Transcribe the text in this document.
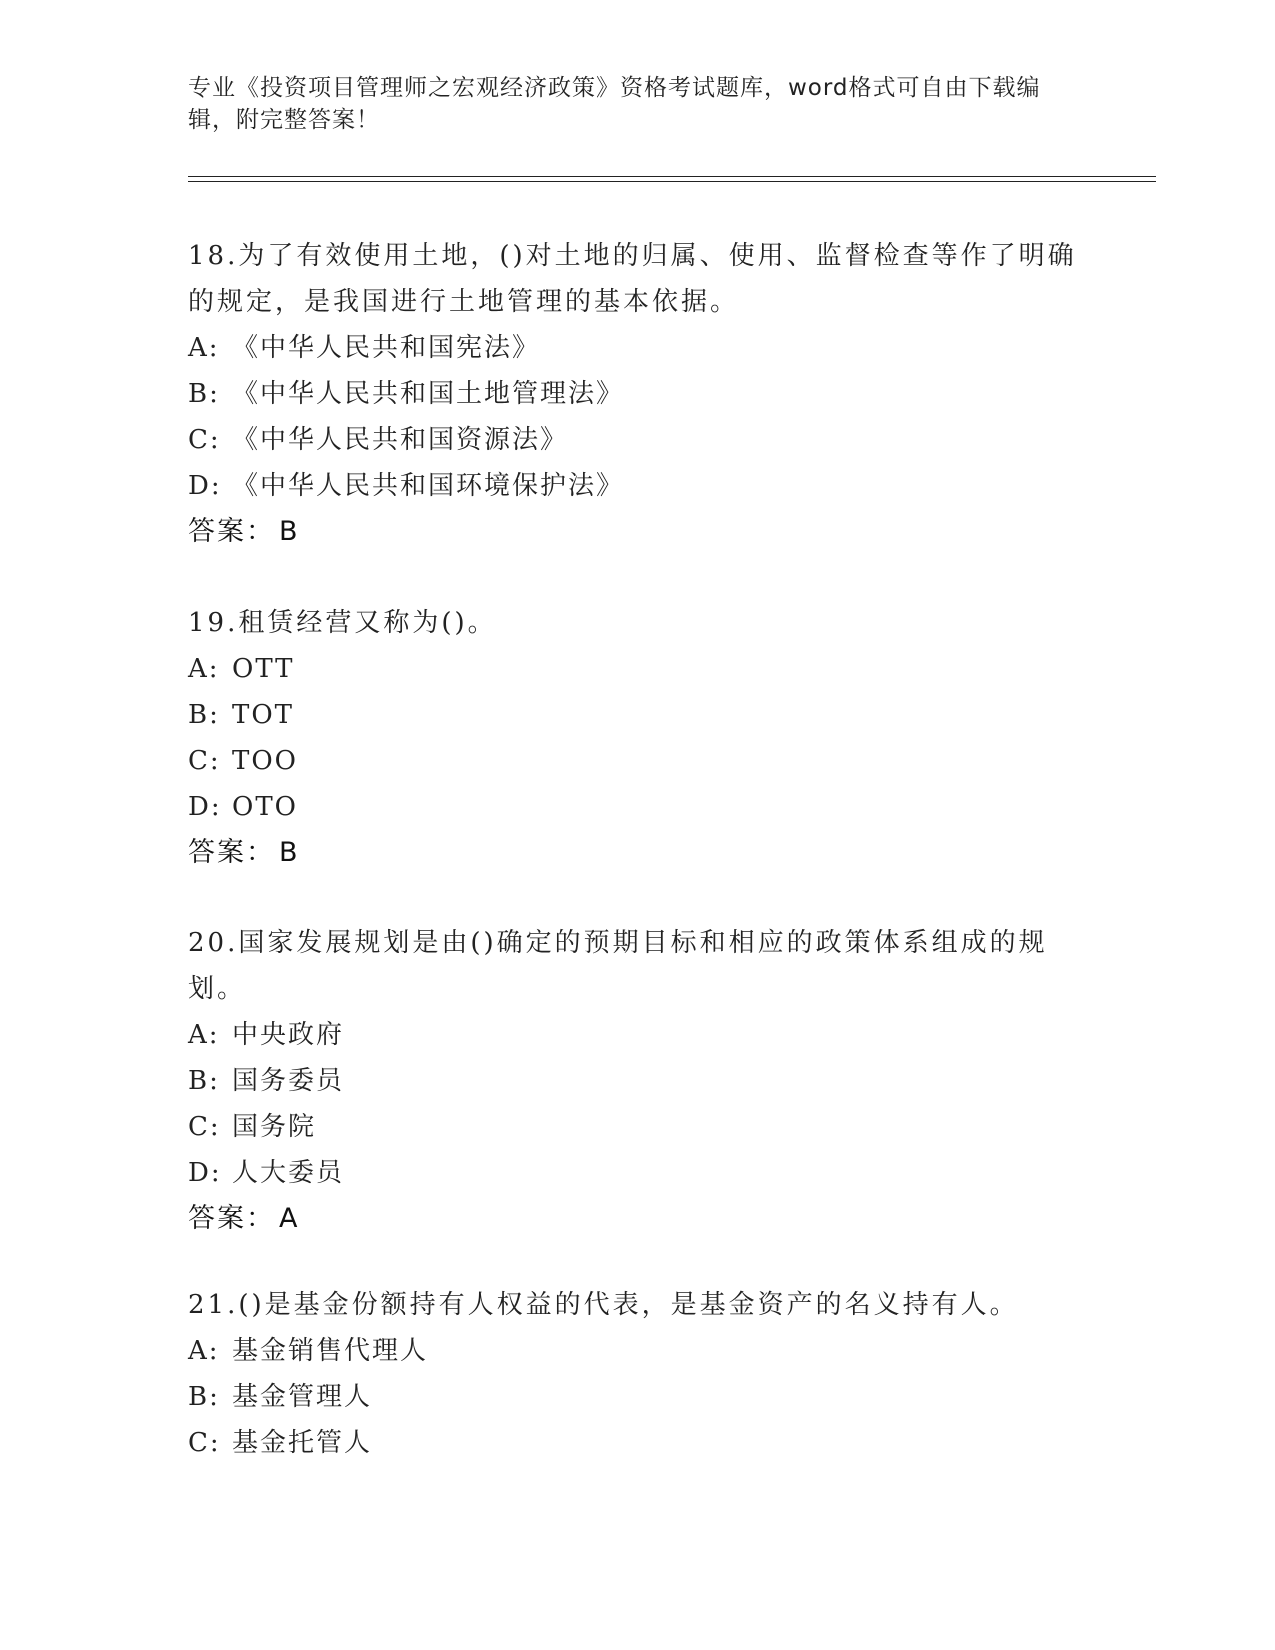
专业《投资项目管理师之宏观经济政策》资格考试题库，word格式可自由下载编辑，附完整答案！
18.为了有效使用土地，()对土地的归属、使用、监督检查等作了明确的规定，是我国进行土地管理的基本依据。
A: 《中华人民共和国宪法》
B: 《中华人民共和国土地管理法》
C: 《中华人民共和国资源法》
D: 《中华人民共和国环境保护法》
答案： B
19.租赁经营又称为()。
A: OTT
B: TOT
C: TOO
D: OTO
答案： B
20.国家发展规划是由()确定的预期目标和相应的政策体系组成的规划。
A: 中央政府
B: 国务委员
C: 国务院
D: 人大委员
答案： A
21.()是基金份额持有人权益的代表，是基金资产的名义持有人。
A: 基金销售代理人
B: 基金管理人
C: 基金托管人
